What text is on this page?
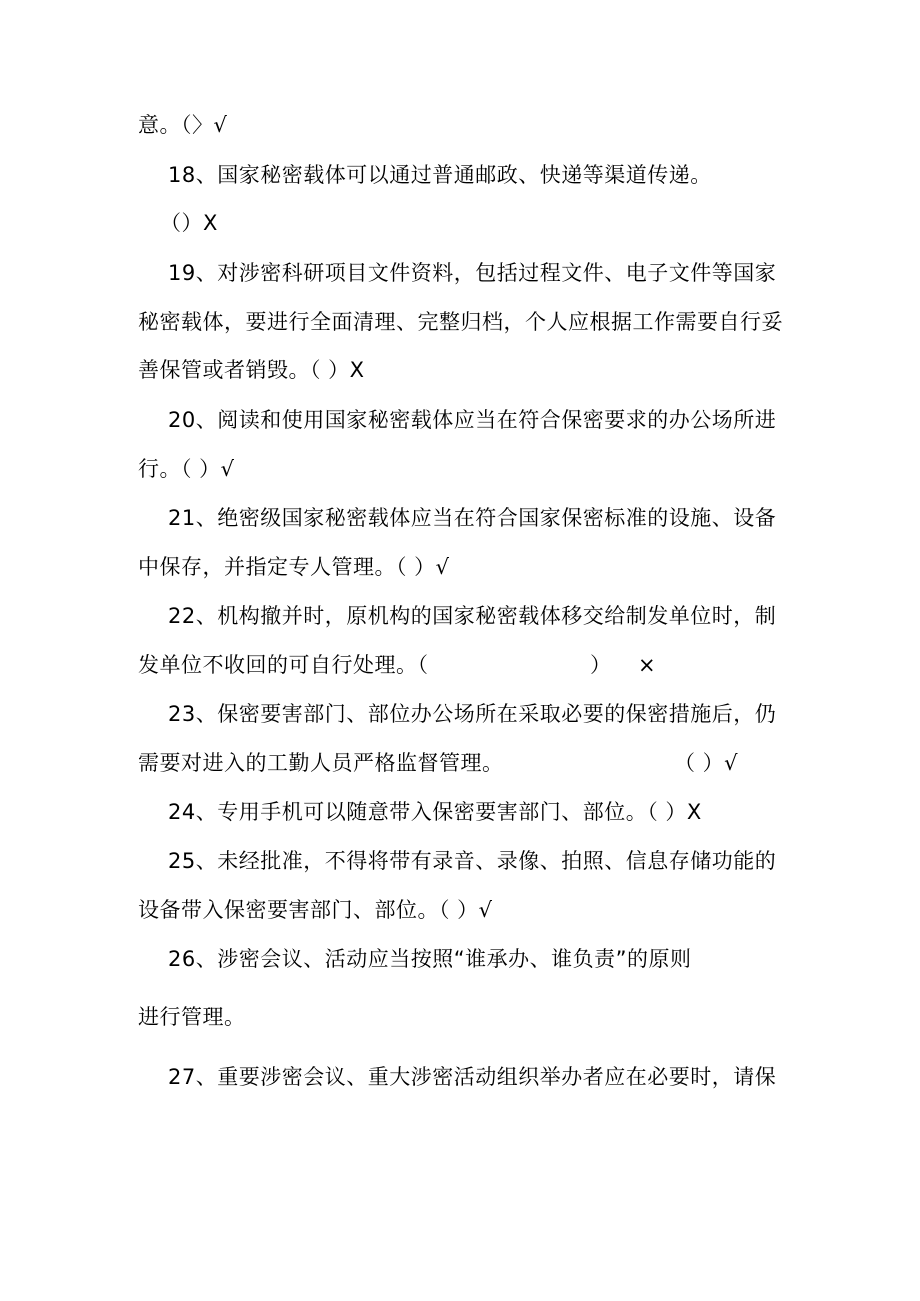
意。（〉√
18、国家秘密载体可以通过普通邮政、快递等渠道传递。
（）X
19、对涉密科研项目文件资料，包括过程文件、电子文件等国家
秘密载体，要进行全面清理、完整归档，个人应根据工作需要自行妥
善保管或者销毁。（ ）X
20、阅读和使用国家秘密载体应当在符合保密要求的办公场所进
行。（ ）√
21、绝密级国家秘密载体应当在符合国家保密标准的设施、设备
中保存，并指定专人管理。（ ）√
22、机构撤并时，原机构的国家秘密载体移交给制发单位时，制
发单位不收回的可自行处理。（	） ×
23、保密要害部门、部位办公场所在采取必要的保密措施后，仍
需要对进入的工勤人员严格监督管理。	（ ）√
24、专用手机可以随意带入保密要害部门、部位。（ ）X
25、未经批准，不得将带有录音、录像、拍照、信息存储功能的
设备带入保密要害部门、部位。（ ）√
26、涉密会议、活动应当按照“谁承办、谁负责”的原则
进行管理。
27、重要涉密会议、重大涉密活动组织举办者应在必要时，请保
